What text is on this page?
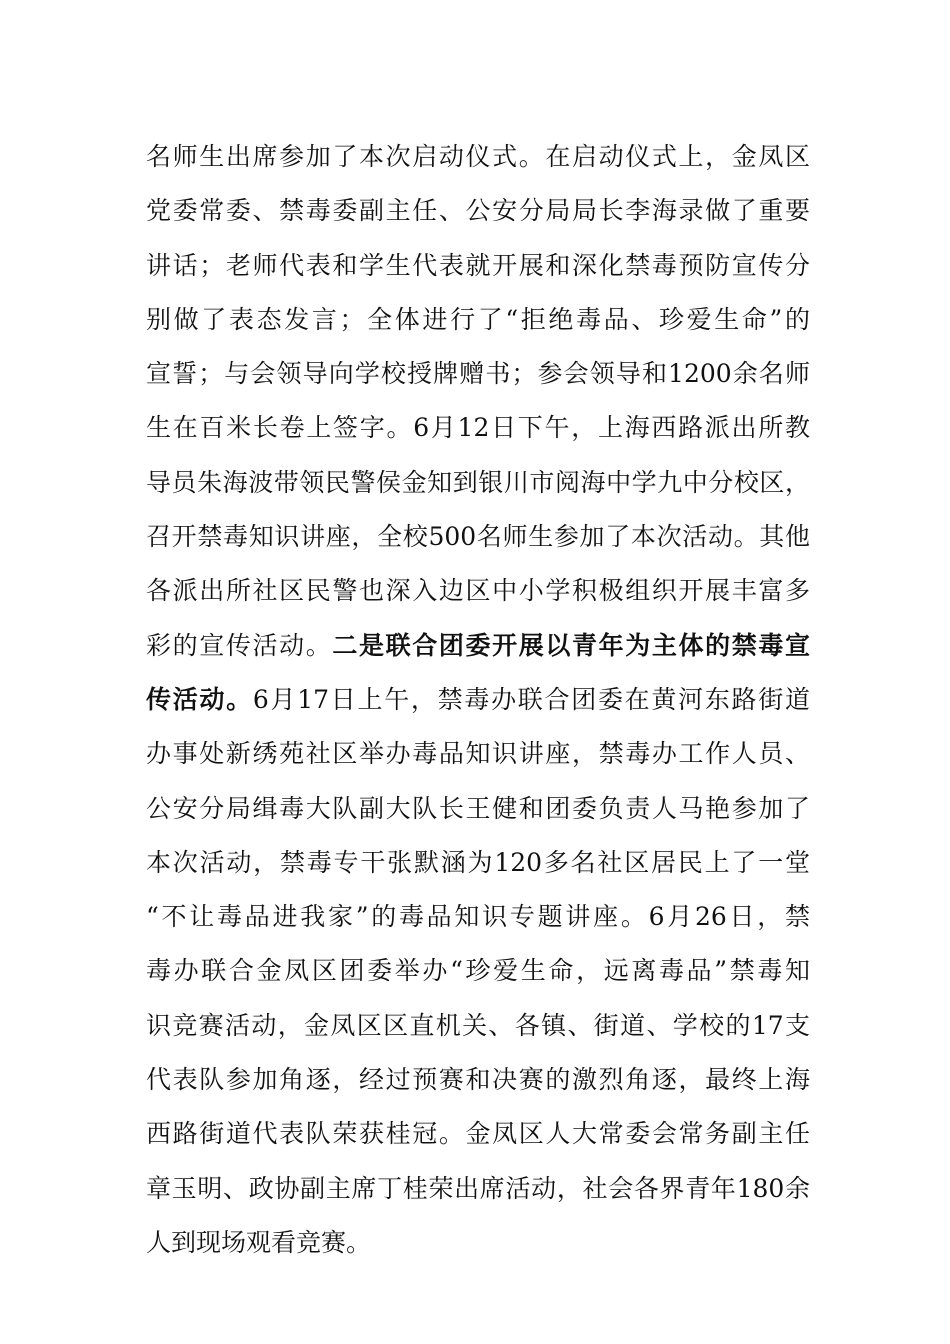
名师生出席参加了本次启动仪式。在启动仪式上，金凤区
党委常委、禁毒委副主任、公安分局局长李海录做了重要
讲话；老师代表和学生代表就开展和深化禁毒预防宣传分
别做了表态发言；全体进行了“拒绝毒品、珍爱生命”的
宣誓；与会领导向学校授牌赠书；参会领导和1200余名师
生在百米长卷上签字。6月12日下午，上海西路派出所教
导员朱海波带领民警侯金知到银川市阅海中学九中分校区，
召开禁毒知识讲座，全校500名师生参加了本次活动。其他
各派出所社区民警也深入边区中小学积极组织开展丰富多
彩的宣传活动。二是联合团委开展以青年为主体的禁毒宣
传活动。6月17日上午，禁毒办联合团委在黄河东路街道
办事处新绣苑社区举办毒品知识讲座，禁毒办工作人员、
公安分局缉毒大队副大队长王健和团委负责人马艳参加了
本次活动，禁毒专干张默涵为120多名社区居民上了一堂
“不让毒品进我家”的毒品知识专题讲座。6月26日，禁
毒办联合金凤区团委举办“珍爱生命，远离毒品”禁毒知
识竞赛活动，金凤区区直机关、各镇、街道、学校的17支
代表队参加角逐，经过预赛和决赛的激烈角逐，最终上海
西路街道代表队荣获桂冠。金凤区人大常委会常务副主任
章玉明、政协副主席丁桂荣出席活动，社会各界青年180余
人到现场观看竞赛。
